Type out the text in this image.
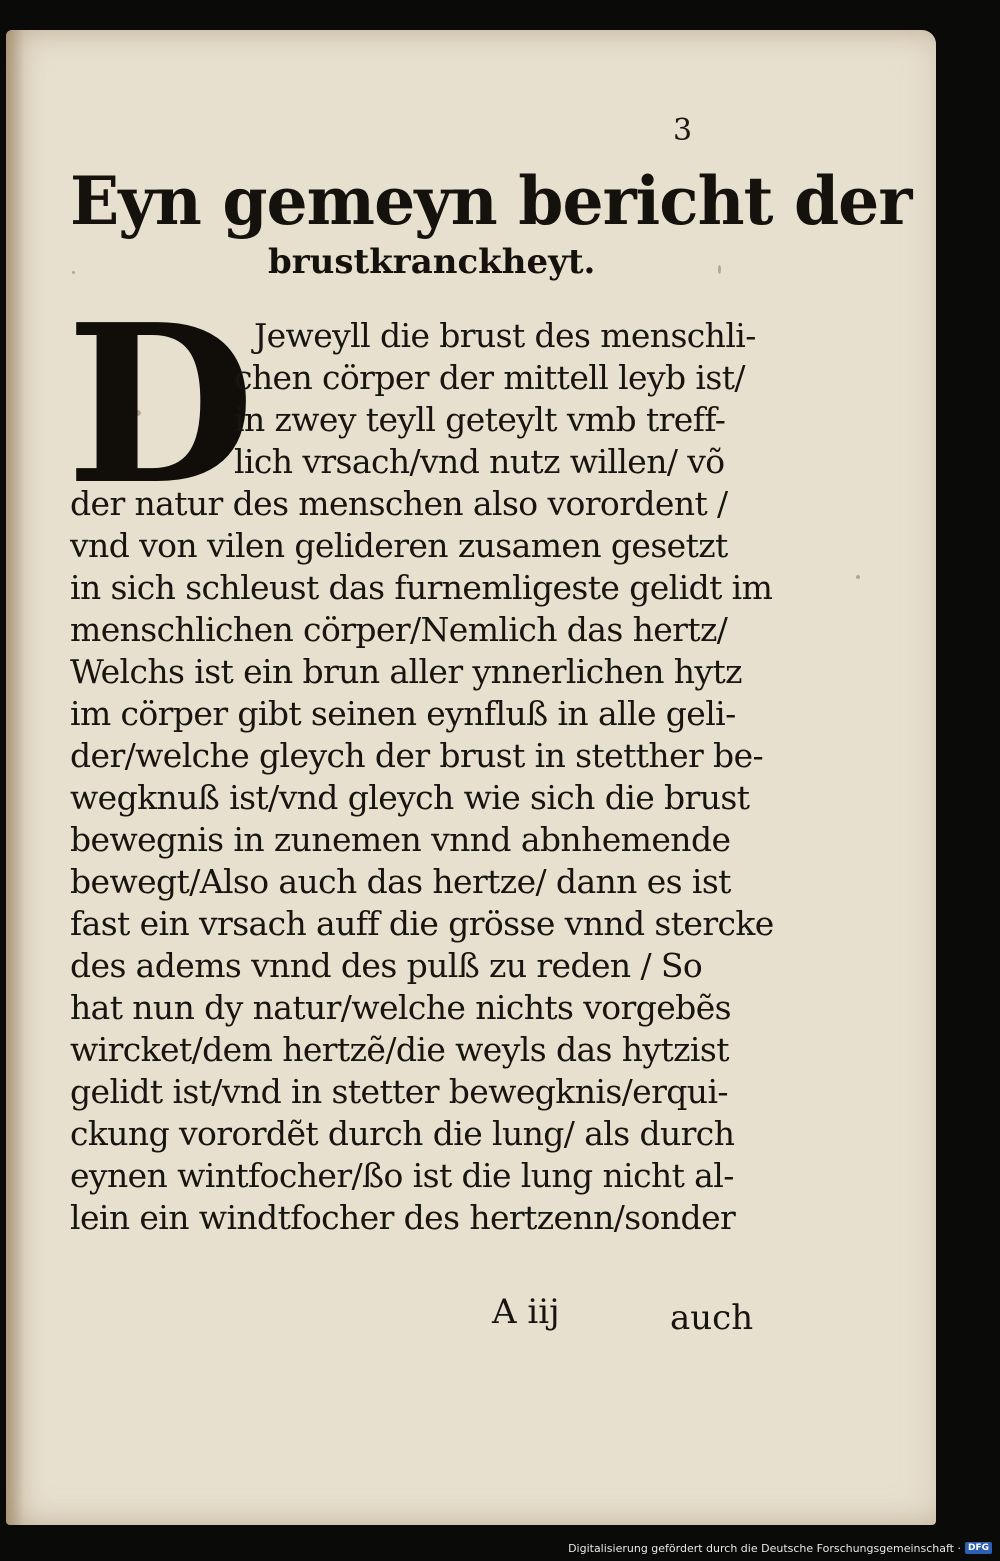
3
Eyn gemeyn bericht der
brustkranckheyt.
D
Jeweyll die brust des menschli-
chen cörper der mittell leyb ist/
in zwey teyll geteylt vmb treff-
lich vrsach/vnd nutz willen/ võ
der natur des menschen also vorordent /
vnd von vilen gelideren zusamen gesetzt
in sich schleust das furnemligeste gelidt im
menschlichen cörper/Nemlich das hertz/
Welchs ist ein brun aller ynnerlichen hytz
im cörper gibt seinen eynfluß in alle geli-
der/welche gleych der brust in stetther be-
wegknuß ist/vnd gleych wie sich die brust
bewegnis in zunemen vnnd abnhemende
bewegt/Also auch das hertze/ dann es ist
fast ein vrsach auff die grösse vnnd stercke
des adems vnnd des pulß zu reden / So
hat nun dy natur/welche nichts vorgebẽs
wircket/dem hertzẽ/die weyls das hytzist
gelidt ist/vnd in stetter bewegknis/erqui-
ckung vorordẽt durch die lung/ als durch
eynen wintfocher/ßo ist die lung nicht al-
lein ein windtfocher des hertzenn/sonder
A iij	auch
Digitalisierung gefördert durch die Deutsche Forschungsgemeinschaft · DFG
